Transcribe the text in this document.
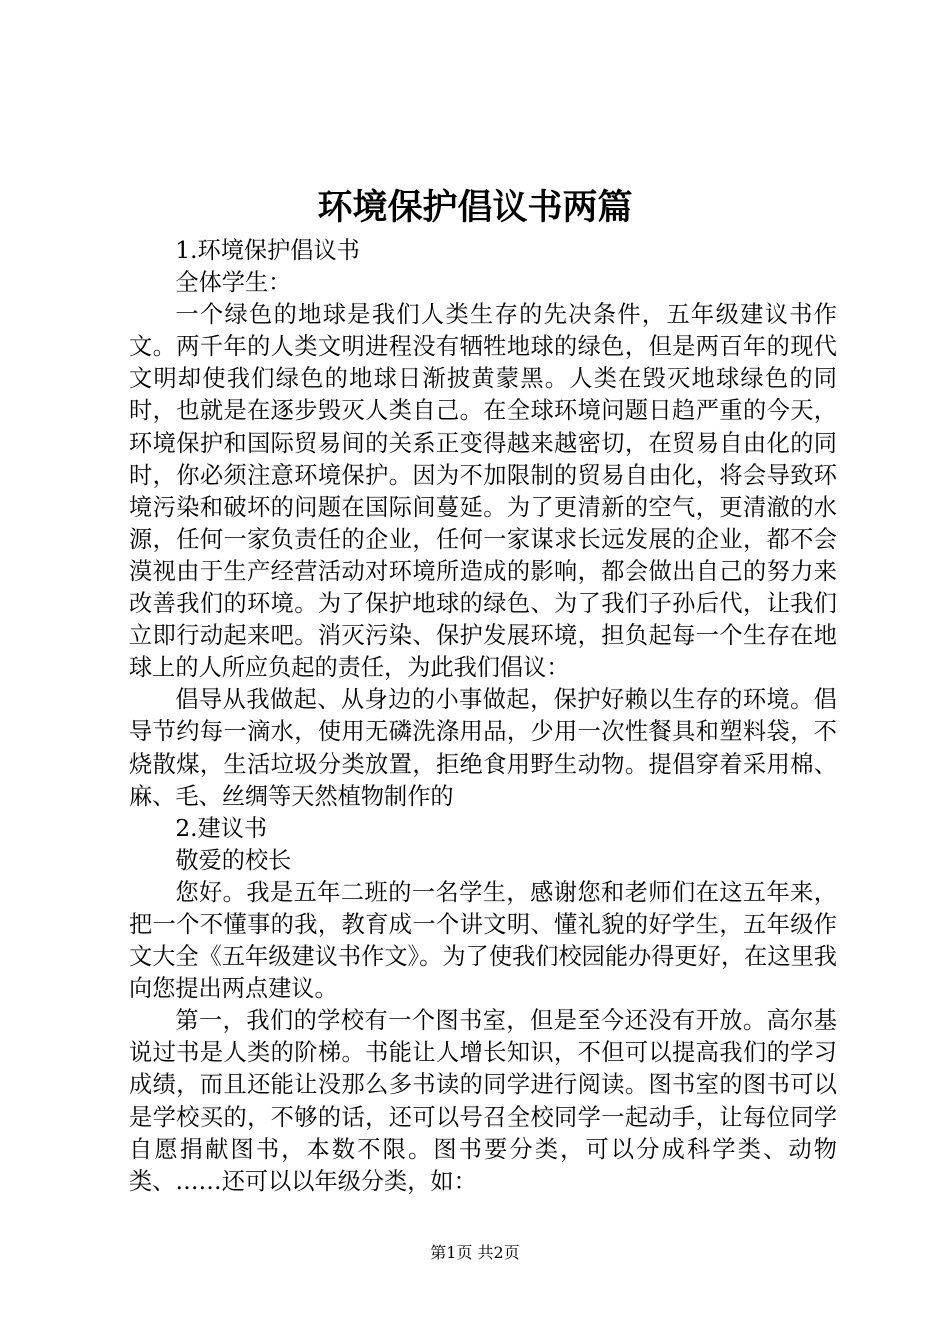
环境保护倡议书两篇

1.环境保护倡议书

全体学生：

一个绿色的地球是我们人类生存的先决条件，五年级建议书作文。两千年的人类文明进程没有牺牲地球的绿色，但是两百年的现代文明却使我们绿色的地球日渐披黄蒙黑。人类在毁灭地球绿色的同时，也就是在逐步毁灭人类自己。在全球环境问题日趋严重的今天，环境保护和国际贸易间的关系正变得越来越密切，在贸易自由化的同时，你必须注意环境保护。因为不加限制的贸易自由化，将会导致环境污染和破坏的问题在国际间蔓延。为了更清新的空气，更清澈的水源，任何一家负责任的企业，任何一家谋求长远发展的企业，都不会漠视由于生产经营活动对环境所造成的影响，都会做出自己的努力来改善我们的环境。为了保护地球的绿色、为了我们子孙后代，让我们立即行动起来吧。消灭污染、保护发展环境，担负起每一个生存在地球上的人所应负起的责任，为此我们倡议：

倡导从我做起、从身边的小事做起，保护好赖以生存的环境。倡导节约每一滴水，使用无磷洗涤用品，少用一次性餐具和塑料袋，不烧散煤，生活垃圾分类放置，拒绝食用野生动物。提倡穿着采用棉、麻、毛、丝绸等天然植物制作的

2.建议书

敬爱的校长

您好。我是五年二班的一名学生，感谢您和老师们在这五年来，把一个不懂事的我，教育成一个讲文明、懂礼貌的好学生，五年级作文大全《五年级建议书作文》。为了使我们校园能办得更好，在这里我向您提出两点建议。

第一，我们的学校有一个图书室，但是至今还没有开放。高尔基说过书是人类的阶梯。书能让人增长知识，不但可以提高我们的学习成绩，而且还能让没那么多书读的同学进行阅读。图书室的图书可以是学校买的，不够的话，还可以号召全校同学一起动手，让每位同学自愿捐献图书，本数不限。图书要分类，可以分成科学类、动物类、……还可以以年级分类，如：

第1页 共2页
